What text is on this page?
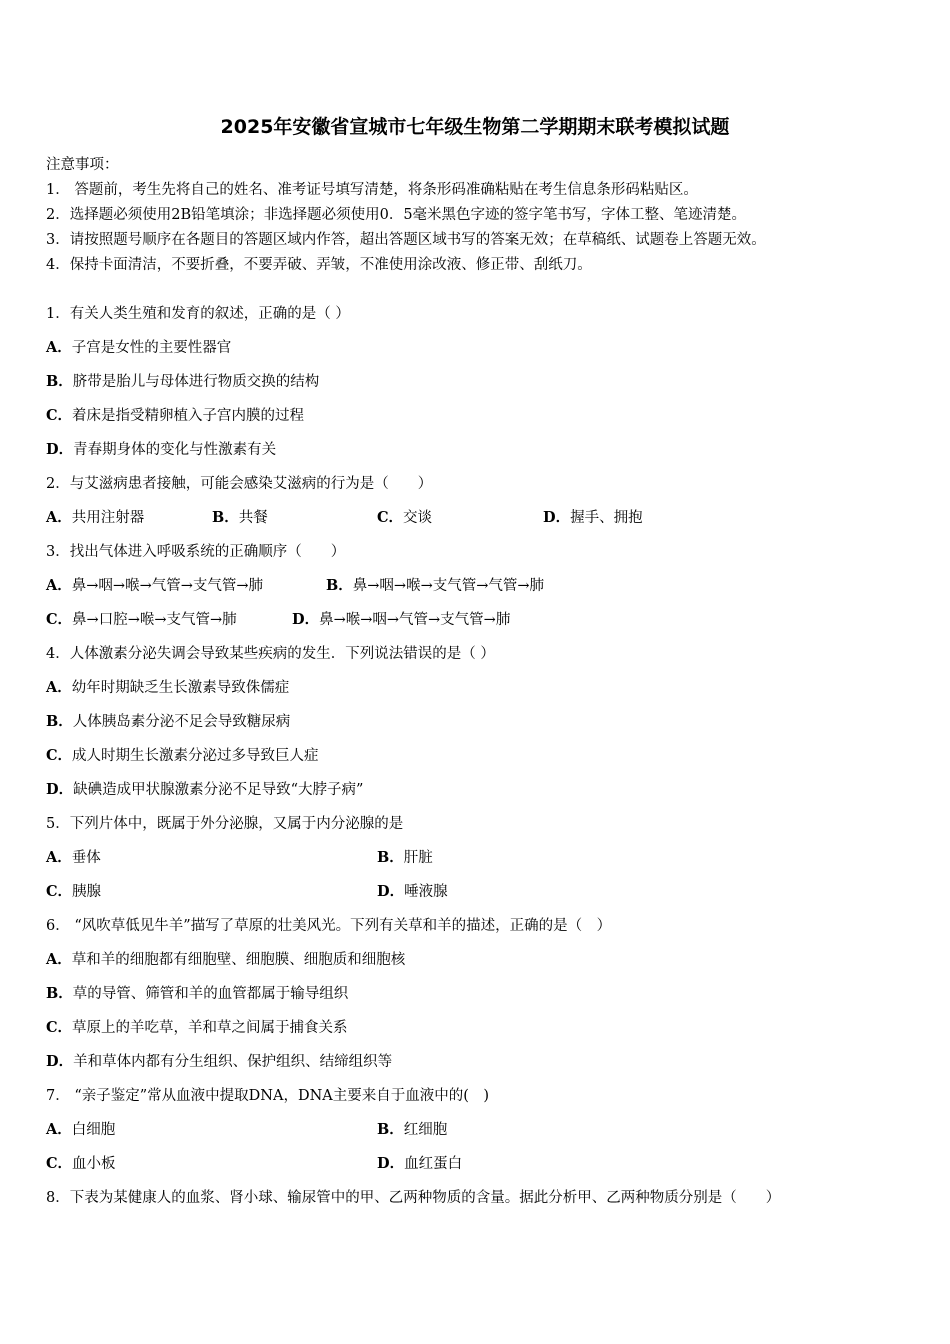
2025年安徽省宣城市七年级生物第二学期期末联考模拟试题
注意事项：
1． 答题前，考生先将自己的姓名、准考证号填写清楚，将条形码准确粘贴在考生信息条形码粘贴区。
2．选择题必须使用2B铅笔填涂；非选择题必须使用0．5毫米黑色字迹的签字笔书写，字体工整、笔迹清楚。
3．请按照题号顺序在各题目的答题区域内作答，超出答题区域书写的答案无效；在草稿纸、试题卷上答题无效。
4．保持卡面清洁，不要折叠，不要弄破、弄皱，不准使用涂改液、修正带、刮纸刀。
1．有关人类生殖和发育的叙述，正确的是（ ）
A．子宫是女性的主要性器官
B．脐带是胎儿与母体进行物质交换的结构
C．着床是指受精卵植入子宫内膜的过程
D．青春期身体的变化与性激素有关
2．与艾滋病患者接触，可能会感染艾滋病的行为是（　　）
A．共用注射器	B．共餐	C．交谈	D．握手、拥抱
3．找出气体进入呼吸系统的正确顺序（　　）
A．鼻→咽→喉→气管→支气管→肺	B．鼻→咽→喉→支气管→气管→肺
C．鼻→口腔→喉→支气管→肺	D．鼻→喉→咽→气管→支气管→肺
4．人体激素分泌失调会导致某些疾病的发生．下列说法错误的是（ ）
A．幼年时期缺乏生长激素导致侏儒症
B．人体胰岛素分泌不足会导致糖尿病
C．成人时期生长激素分泌过多导致巨人症
D．缺碘造成甲状腺激素分泌不足导致“大脖子病”
5．下列片体中，既属于外分泌腺，又属于内分泌腺的是
A．垂体	B．肝脏
C．胰腺	D．唾液腺
6． “风吹草低见牛羊”描写了草原的壮美风光。下列有关草和羊的描述，正确的是（　）
A．草和羊的细胞都有细胞壁、细胞膜、细胞质和细胞核
B．草的导管、筛管和羊的血管都属于输导组织
C．草原上的羊吃草，羊和草之间属于捕食关系
D．羊和草体内都有分生组织、保护组织、结缔组织等
7． “亲子鉴定”常从血液中提取DNA，DNA主要来自于血液中的(　)
A．白细胞	B．红细胞
C．血小板	D．血红蛋白
8．下表为某健康人的血浆、肾小球、输尿管中的甲、乙两种物质的含量。据此分析甲、乙两种物质分别是（　　）
